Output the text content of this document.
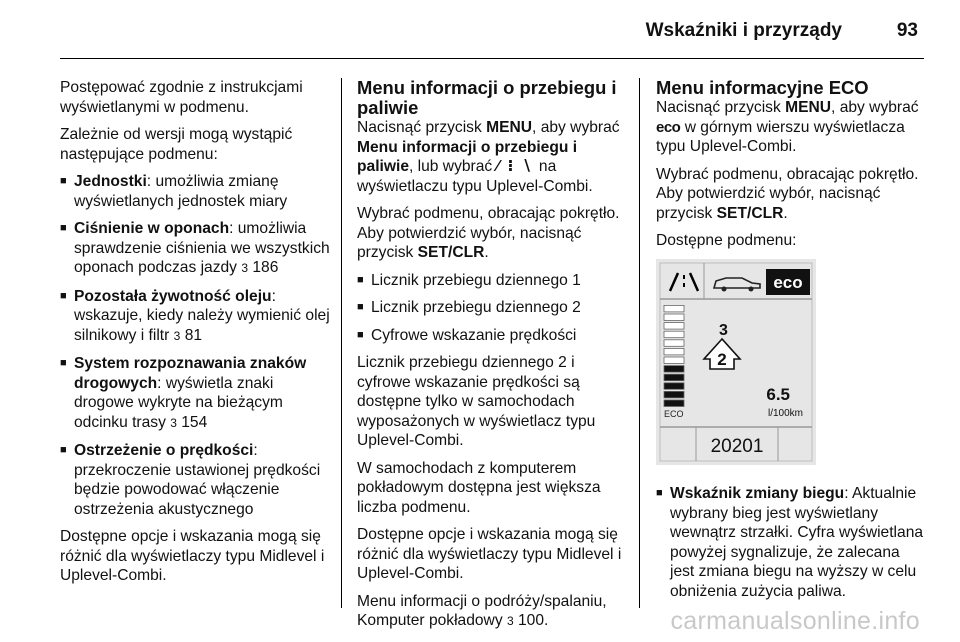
Wskaźniki i przyrządy	93

Postępować zgodnie z instrukcjami wyświetlanymi w podmenu.

Zależnie od wersji mogą wystąpić następujące podmenu:

■ Jednostki: umożliwia zmianę wyświetlanych jednostek miary
■ Ciśnienie w oponach: umożliwia sprawdzenie ciśnienia we wszystkich oponach podczas jazdy 3 186
■ Pozostała żywotność oleju: wskazuje, kiedy należy wymienić olej silnikowy i filtr 3 81
■ System rozpoznawania znaków drogowych: wyświetla znaki drogowe wykryte na bieżącym odcinku trasy 3 154
■ Ostrzeżenie o prędkości: przekroczenie ustawionej prędkości będzie powodować włączenie ostrzeżenia akustycznego

Dostępne opcje i wskazania mogą się różnić dla wyświetlaczy typu Midlevel i Uplevel-Combi.

Menu informacji o przebiegu i paliwie

Nacisnąć przycisk MENU, aby wybrać Menu informacji o przebiegu i paliwie, lub wybrać ⁄ ⁝ ∖ na wyświetlaczu typu Uplevel-Combi.

Wybrać podmenu, obracając pokrętło. Aby potwierdzić wybór, nacisnąć przycisk SET/CLR.

■ Licznik przebiegu dziennego 1
■ Licznik przebiegu dziennego 2
■ Cyfrowe wskazanie prędkości

Licznik przebiegu dziennego 2 i cyfrowe wskazanie prędkości są dostępne tylko w samochodach wyposażonych w wyświetlacz typu Uplevel-Combi.

W samochodach z komputerem pokładowym dostępna jest większa liczba podmenu.

Dostępne opcje i wskazania mogą się różnić dla wyświetlaczy typu Midlevel i Uplevel-Combi.

Menu informacji o podróży/spalaniu, Komputer pokładowy 3 100.

Menu informacyjne ECO

Nacisnąć przycisk MENU, aby wybrać eco w górnym wierszu wyświetlacza typu Uplevel-Combi.

Wybrać podmenu, obracając pokrętło. Aby potwierdzić wybór, nacisnąć przycisk SET/CLR.

Dostępne podmenu:

eco
ECO
3
2
6.5
l/100km
20201
■ Wskaźnik zmiany biegu: Aktualnie wybrany bieg jest wyświetlany wewnątrz strzałki. Cyfra wyświetlana powyżej sygnalizuje, że zalecana jest zmiana biegu na wyższy w celu obniżenia zużycia paliwa.
carmanualsonline.info
